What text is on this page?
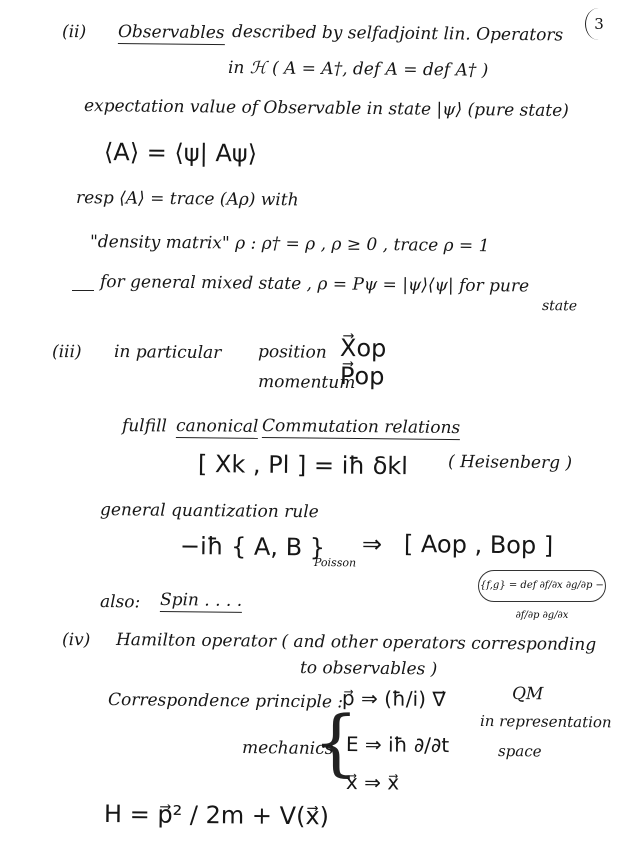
3
(ii) Observables described by selfadjoint lin. Operators
in ℋ ( A = A†, def A = def A† )
expectation value of Observable in state |ψ⟩ (pure state)
⟨A⟩ = ⟨ψ| Aψ⟩
resp ⟨A⟩ = trace (Aρ) with
"density matrix" ρ : ρ† = ρ , ρ ≥ 0 , trace ρ = 1
for general mixed state , ρ = Pψ = |ψ⟩⟨ψ| for pure
state
(iii) in particular position X⃗op
momentum
P⃗op
fulfill canonical Commutation relations
[ Xk , Pl ] = iħ δkl ( Heisenberg )
general quantization rule
−iħ { A, B }
Poisson
⇒ [ Aop , Bop ]
{f,g} = def ∂f/∂x ∂g/∂p − ∂f/∂p ∂g/∂x
also: Spin . . . .
(iv) Hamilton operator ( and other operators corresponding
to observables )
Correspondence principle :
p⃗ ⇒ (ħ/i) ∇⃗	QM
{
mechanics E ⇒ iħ ∂/∂t
in representation
x⃗ ⇒ x⃗
space
H = p⃗² / 2m + V(x⃗)
